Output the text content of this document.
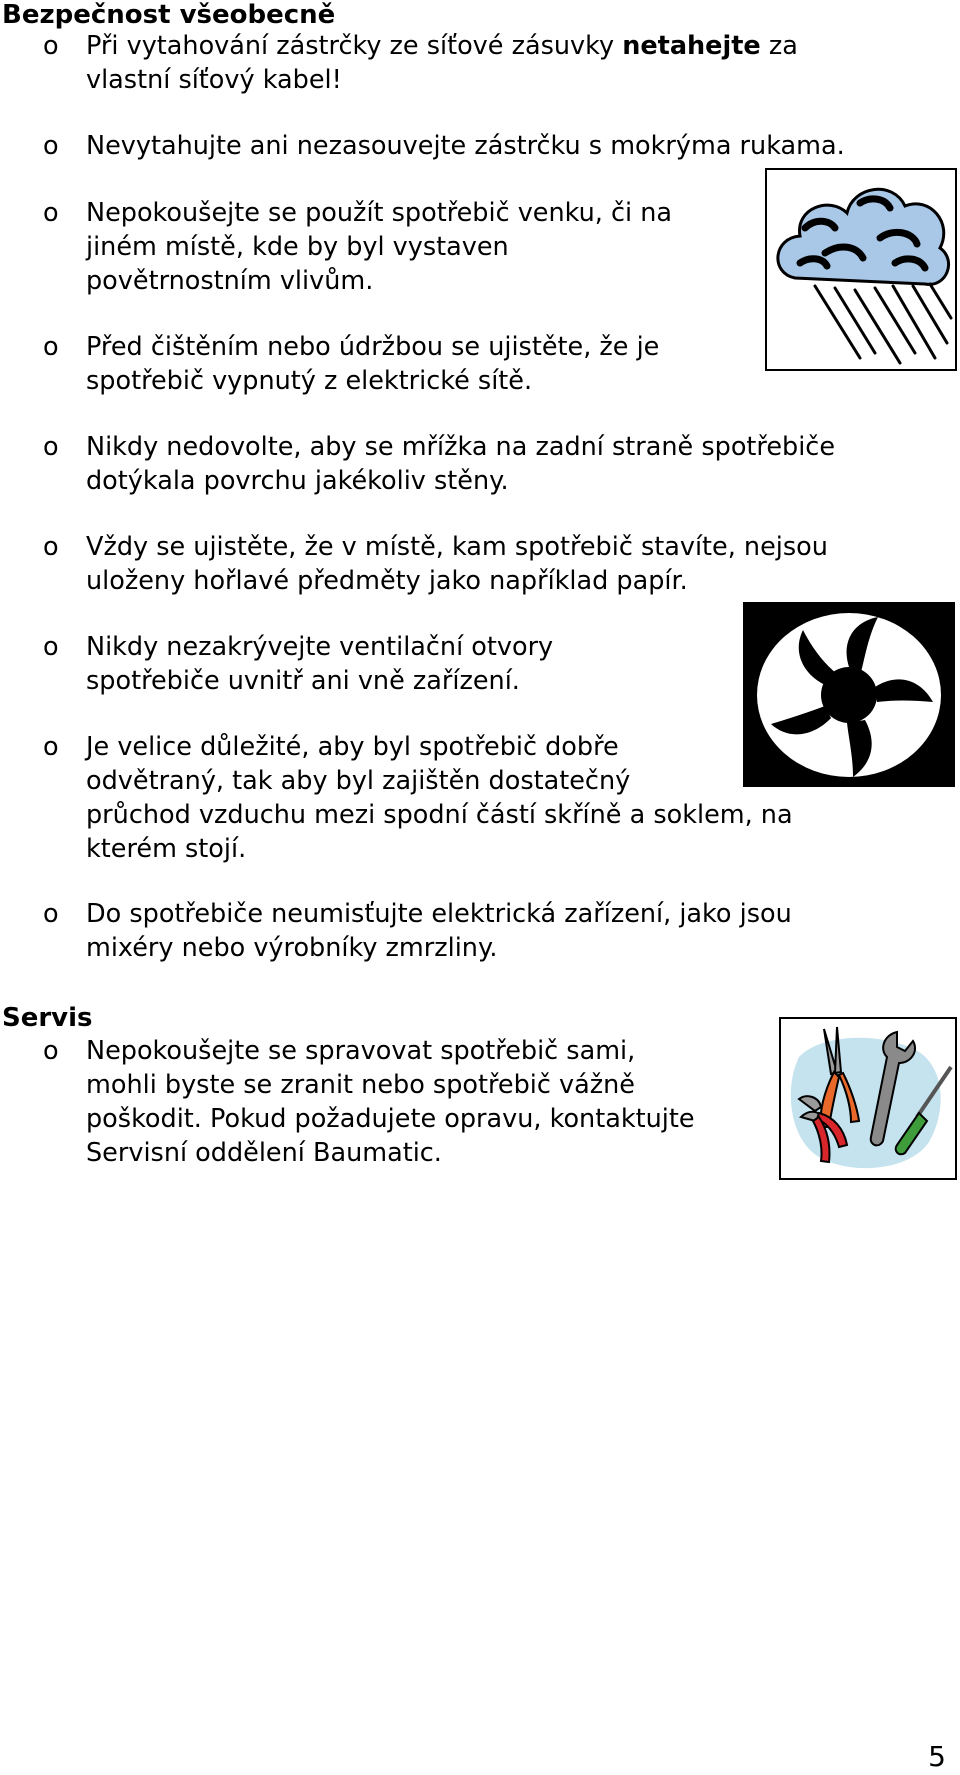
Bezpečnost všeobecně
o Při vytahování zástrčky ze síťové zásuvky netahejte za
vlastní síťový kabel!
o Nevytahujte ani nezasouvejte zástrčku s mokrýma rukama.
o Nepokoušejte se použít spotřebič venku, či na
jiném místě, kde by byl vystaven
povětrnostním vlivům.
o Před čištěním nebo údržbou se ujistěte, že je
spotřebič vypnutý z elektrické sítě.
o Nikdy nedovolte, aby se mřížka na zadní straně spotřebiče
dotýkala povrchu jakékoliv stěny.
o Vždy se ujistěte, že v místě, kam spotřebič stavíte, nejsou
uloženy hořlavé předměty jako například papír.
o Nikdy nezakrývejte ventilační otvory
spotřebiče uvnitř ani vně zařízení.
o Je velice důležité, aby byl spotřebič dobře
odvětraný, tak aby byl zajištěn dostatečný
průchod vzduchu mezi spodní částí skříně a soklem, na
kterém stojí.
o Do spotřebiče neumisťujte elektrická zařízení, jako jsou
mixéry nebo výrobníky zmrzliny.
Servis
o Nepokoušejte se spravovat spotřebič sami,
mohli byste se zranit nebo spotřebič vážně
poškodit. Pokud požadujete opravu, kontaktujte
Servisní oddělení Baumatic.
5
